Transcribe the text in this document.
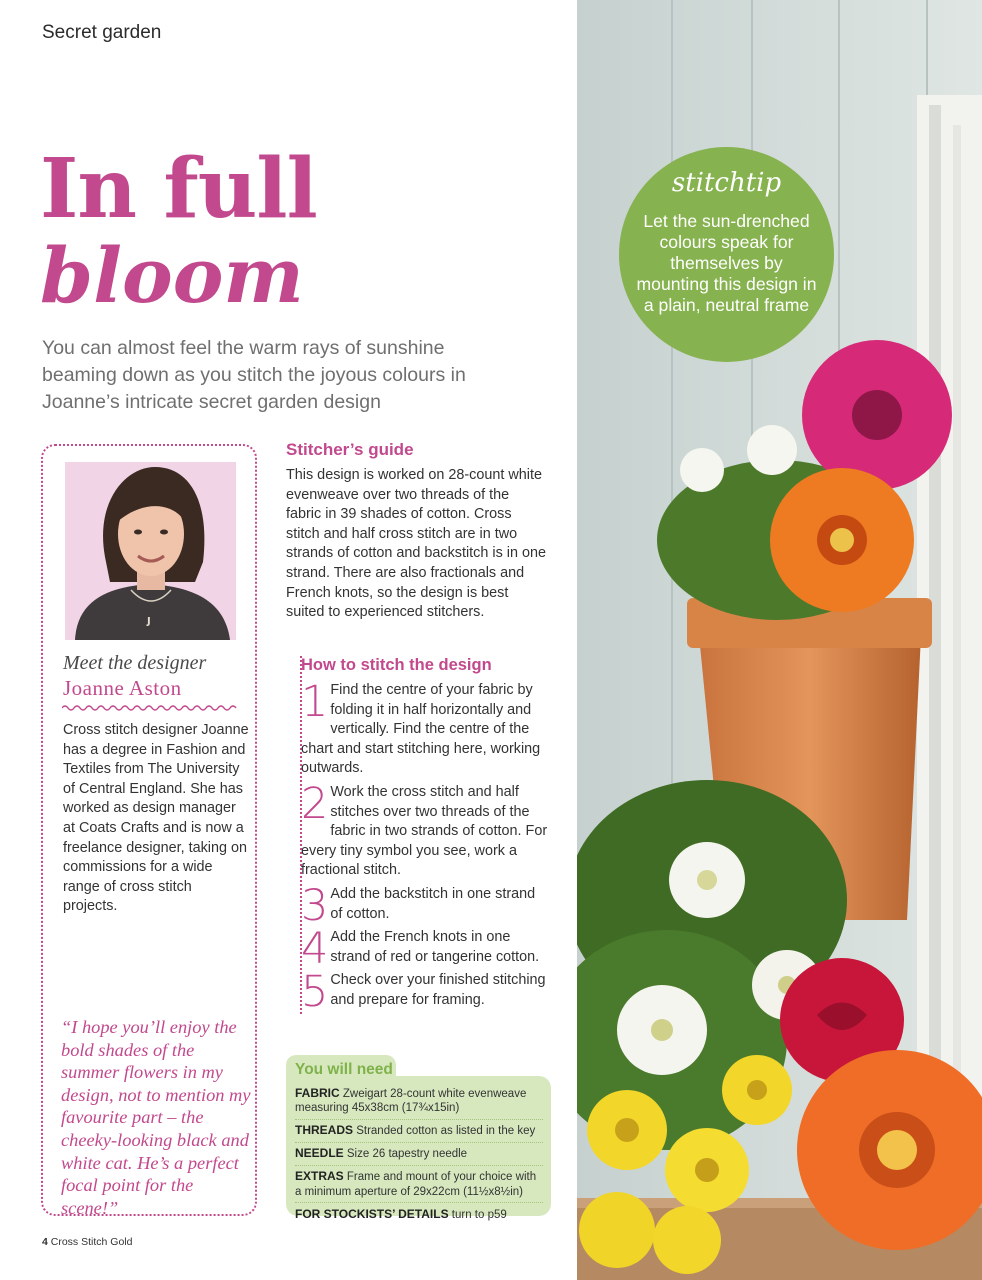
Secret garden
In full
bloom

You can almost feel the warm rays of sunshine beaming down as you stitch the joyous colours in Joanne’s intricate secret garden design

J
Meet the designer
Joanne Aston

Cross stitch designer Joanne has a degree in Fashion and Textiles from The University of Central England. She has worked as design manager at Coats Crafts and is now a freelance designer, taking on commissions for a wide range of cross stitch projects.

“I hope you’ll enjoy the bold shades of the summer flowers in my design, not to mention my favourite part – the cheeky-looking black and white cat. He’s a perfect focal point for the scene!”

Stitcher’s guide

This design is worked on 28-count white evenweave over two threads of the fabric in 39 shades of cotton. Cross stitch and half cross stitch are in two strands of cotton and backstitch is in one strand. There are also fractionals and French knots, so the design is best suited to experienced stitchers.

How to stitch the design
1 Find the centre of your fabric by folding it in half horizontally and vertically. Find the centre of the chart and start stitching here, working outwards.
2 Work the cross stitch and half stitches over two threads of the fabric in two strands of cotton. For every tiny symbol you see, work a fractional stitch.
3 Add the backstitch in one strand of cotton.
4 Add the French knots in one strand of red or tangerine cotton.
5 Check over your finished stitching and prepare for framing.
You will need
FABRIC Zweigart 28-count white evenweave measuring 45x38cm (17¾x15in)
THREADS Stranded cotton as listed in the key
NEEDLE Size 26 tapestry needle
EXTRAS Frame and mount of your choice with a minimum aperture of 29x22cm (11½x8½in)
FOR STOCKISTS’ DETAILS turn to p59
4 Cross Stitch Gold
stitchtip
Let the sun-drenched colours speak for themselves by mounting this design in a plain, neutral frame
